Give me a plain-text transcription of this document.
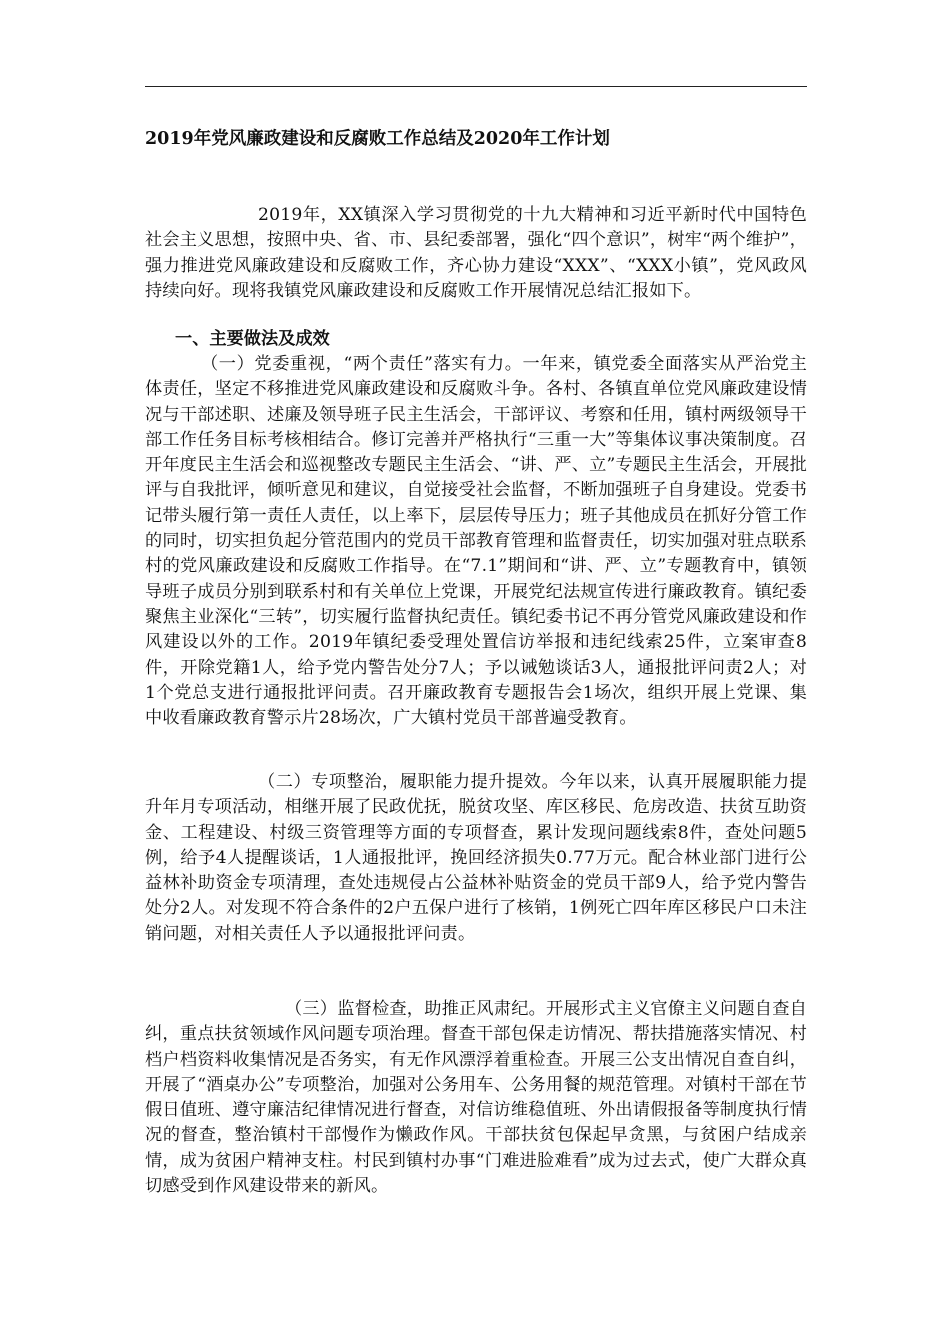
2019年党风廉政建设和反腐败工作总结及2020年工作计划
2019年，XX镇深入学习贯彻党的十九大精神和习近平新时代中国特色社会主义思想，按照中央、省、市、县纪委部署，强化“四个意识”，树牢“两个维护”，强力推进党风廉政建设和反腐败工作，齐心协力建设“XXX”、“XXX小镇”，党风政风持续向好。现将我镇党风廉政建设和反腐败工作开展情况总结汇报如下。
一、主要做法及成效
（一）党委重视，“两个责任”落实有力。一年来，镇党委全面落实从严治党主体责任，坚定不移推进党风廉政建设和反腐败斗争。各村、各镇直单位党风廉政建设情况与干部述职、述廉及领导班子民主生活会，干部评议、考察和任用，镇村两级领导干部工作任务目标考核相结合。修订完善并严格执行“三重一大”等集体议事决策制度。召开年度民主生活会和巡视整改专题民主生活会、“讲、严、立”专题民主生活会，开展批评与自我批评，倾听意见和建议，自觉接受社会监督，不断加强班子自身建设。党委书记带头履行第一责任人责任，以上率下，层层传导压力；班子其他成员在抓好分管工作的同时，切实担负起分管范围内的党员干部教育管理和监督责任，切实加强对驻点联系村的党风廉政建设和反腐败工作指导。在“7.1”期间和“讲、严、立”专题教育中，镇领导班子成员分别到联系村和有关单位上党课，开展党纪法规宣传进行廉政教育。镇纪委聚焦主业深化“三转”，切实履行监督执纪责任。镇纪委书记不再分管党风廉政建设和作风建设以外的工作。2019年镇纪委受理处置信访举报和违纪线索25件，立案审查8件，开除党籍1人，给予党内警告处分7人；予以诫勉谈话3人，通报批评问责2人；对1个党总支进行通报批评问责。召开廉政教育专题报告会1场次，组织开展上党课、集中收看廉政教育警示片28场次，广大镇村党员干部普遍受教育。
（二）专项整治，履职能力提升提效。今年以来，认真开展履职能力提升年月专项活动，相继开展了民政优抚，脱贫攻坚、库区移民、危房改造、扶贫互助资金、工程建设、村级三资管理等方面的专项督查，累计发现问题线索8件，查处问题5例，给予4人提醒谈话，1人通报批评，挽回经济损失0.77万元。配合林业部门进行公益林补助资金专项清理，查处违规侵占公益林补贴资金的党员干部9人，给予党内警告处分2人。对发现不符合条件的2户五保户进行了核销，1例死亡四年库区移民户口未注销问题，对相关责任人予以通报批评问责。
（三）监督检查，助推正风肃纪。开展形式主义官僚主义问题自查自纠，重点扶贫领域作风问题专项治理。督查干部包保走访情况、帮扶措施落实情况、村档户档资料收集情况是否务实，有无作风漂浮着重检查。开展三公支出情况自查自纠，开展了“酒桌办公”专项整治，加强对公务用车、公务用餐的规范管理。对镇村干部在节假日值班、遵守廉洁纪律情况进行督查，对信访维稳值班、外出请假报备等制度执行情况的督查，整治镇村干部慢作为懒政作风。干部扶贫包保起早贪黑，与贫困户结成亲情，成为贫困户精神支柱。村民到镇村办事“门难进脸难看”成为过去式，使广大群众真切感受到作风建设带来的新风。
